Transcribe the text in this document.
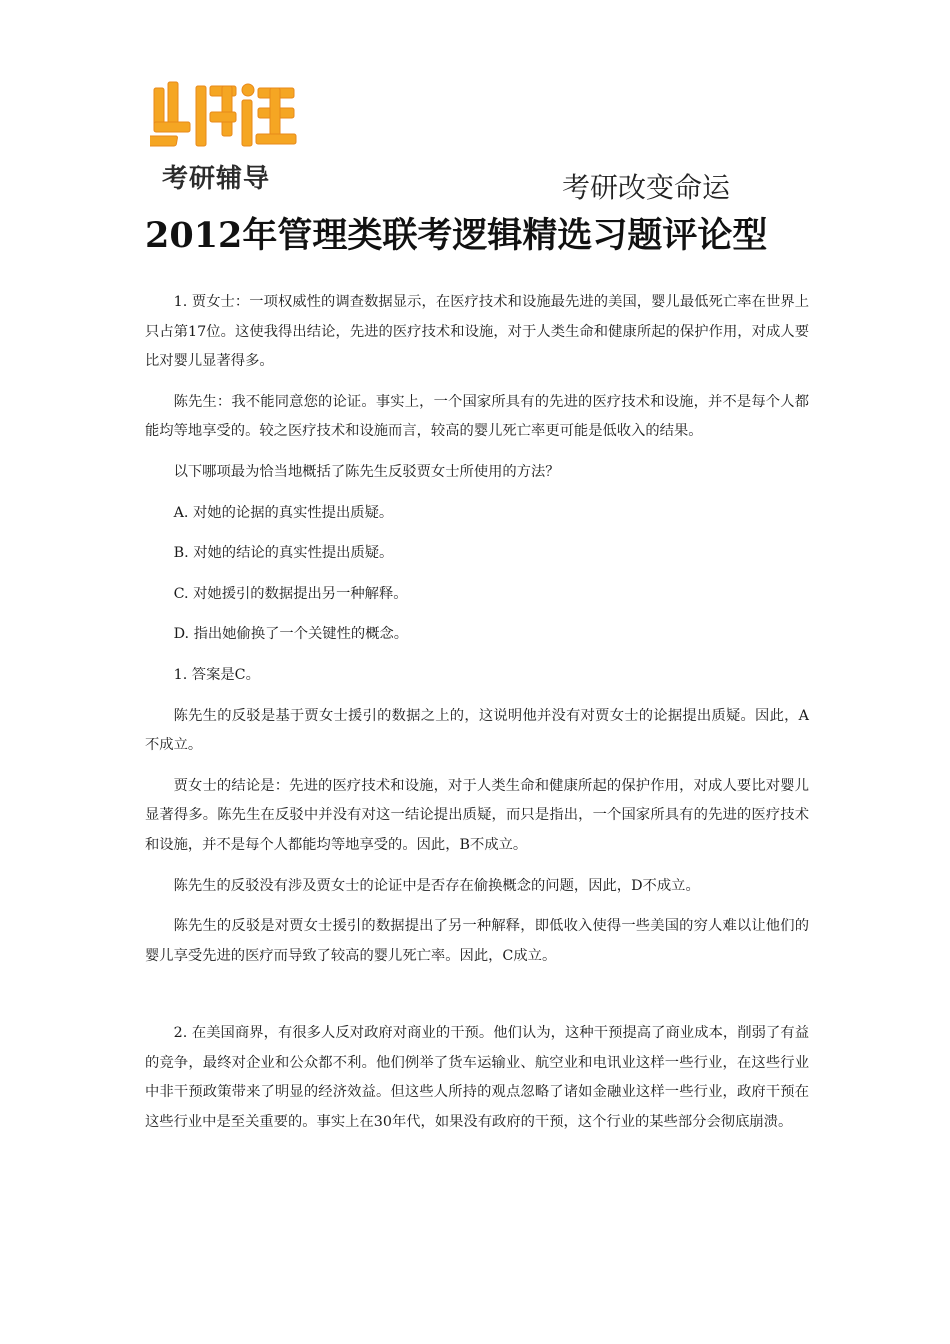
考研辅导	考研改变命运
2012年管理类联考逻辑精选习题评论型

1. 贾女士：一项权威性的调查数据显示，在医疗技术和设施最先进的美国，婴儿最低死亡率在世界上只占第17位。这使我得出结论，先进的医疗技术和设施，对于人类生命和健康所起的保护作用，对成人要比对婴儿显著得多。

陈先生：我不能同意您的论证。事实上，一个国家所具有的先进的医疗技术和设施，并不是每个人都能均等地享受的。较之医疗技术和设施而言，较高的婴儿死亡率更可能是低收入的结果。

以下哪项最为恰当地概括了陈先生反驳贾女士所使用的方法？

A. 对她的论据的真实性提出质疑。

B. 对她的结论的真实性提出质疑。

C. 对她援引的数据提出另一种解释。

D. 指出她偷换了一个关键性的概念。

1. 答案是C。

陈先生的反驳是基于贾女士援引的数据之上的，这说明他并没有对贾女士的论据提出质疑。因此，A不成立。

贾女士的结论是：先进的医疗技术和设施，对于人类生命和健康所起的保护作用，对成人要比对婴儿显著得多。陈先生在反驳中并没有对这一结论提出质疑，而只是指出，一个国家所具有的先进的医疗技术和设施，并不是每个人都能均等地享受的。因此，B不成立。

陈先生的反驳没有涉及贾女士的论证中是否存在偷换概念的问题，因此，D不成立。

陈先生的反驳是对贾女士援引的数据提出了另一种解释，即低收入使得一些美国的穷人难以让他们的婴儿享受先进的医疗而导致了较高的婴儿死亡率。因此，C成立。

2. 在美国商界，有很多人反对政府对商业的干预。他们认为，这种干预提高了商业成本，削弱了有益的竞争，最终对企业和公众都不利。他们例举了货车运输业、航空业和电讯业这样一些行业，在这些行业中非干预政策带来了明显的经济效益。但这些人所持的观点忽略了诸如金融业这样一些行业，政府干预在这些行业中是至关重要的。事实上在30年代，如果没有政府的干预，这个行业的某些部分会彻底崩溃。
